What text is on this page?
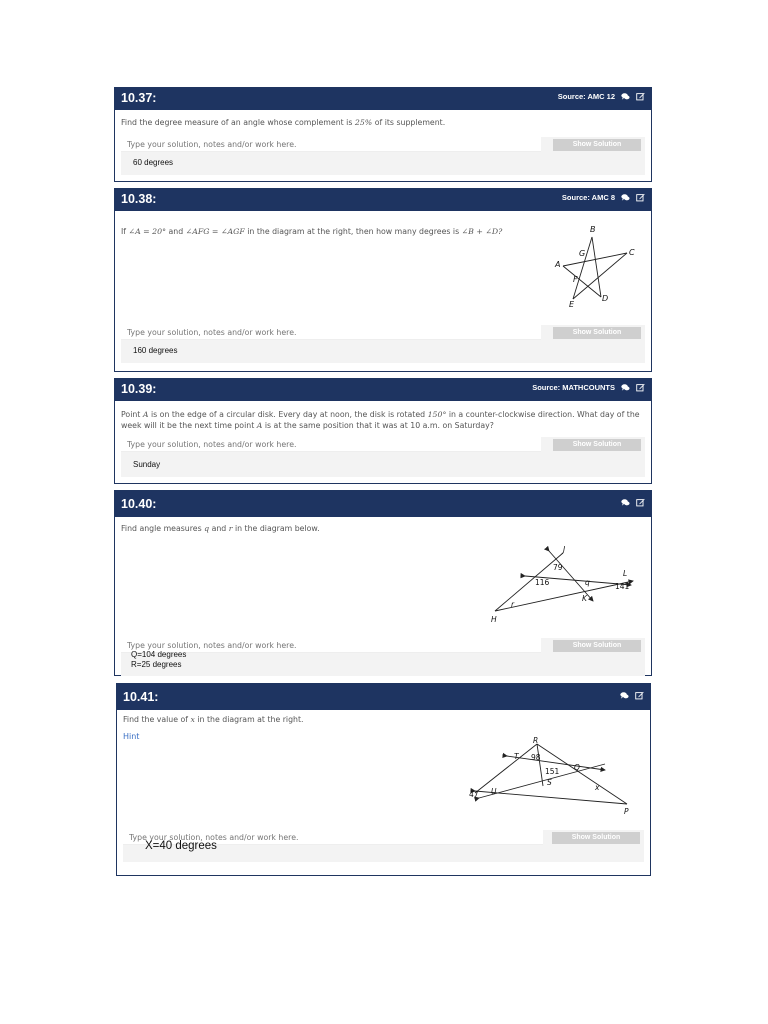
10.37:	Source: AMC 12
Find the degree measure of an angle whose complement is 25% of its supplement.
Type your solution, notes and/or work here.
Show Solution
60 degrees
10.38:	Source: AMC 8
If ∠A = 20° and ∠AFG = ∠AGF in the diagram at the right, then how many degrees is ∠B + ∠D?	B
C
A
G
F
E
D
Type your solution, notes and/or work here.
Show Solution
160 degrees
10.39:	Source: MATHCOUNTS
Point A is on the edge of a circular disk. Every day at noon, the disk is rotated 150° in a counter-clockwise direction. What day of the
week will it be the next time point A is at the same position that it was at 10 a.m. on Saturday?
Type your solution, notes and/or work here.
Show Solution
Sunday
10.40:
Find angle measures q and r in the diagram below.
J
79
L
116	q	141
K
r
H
Type your solution, notes and/or work here.
Show Solution
Q=104 degrees
R=25 degrees
10.41:
Find the value of x in the diagram at the right.
Hint	R
T 98
Q
151
S
47 U	x
P
Type your solution, notes and/or work here.
Show Solution
X=40 degrees
